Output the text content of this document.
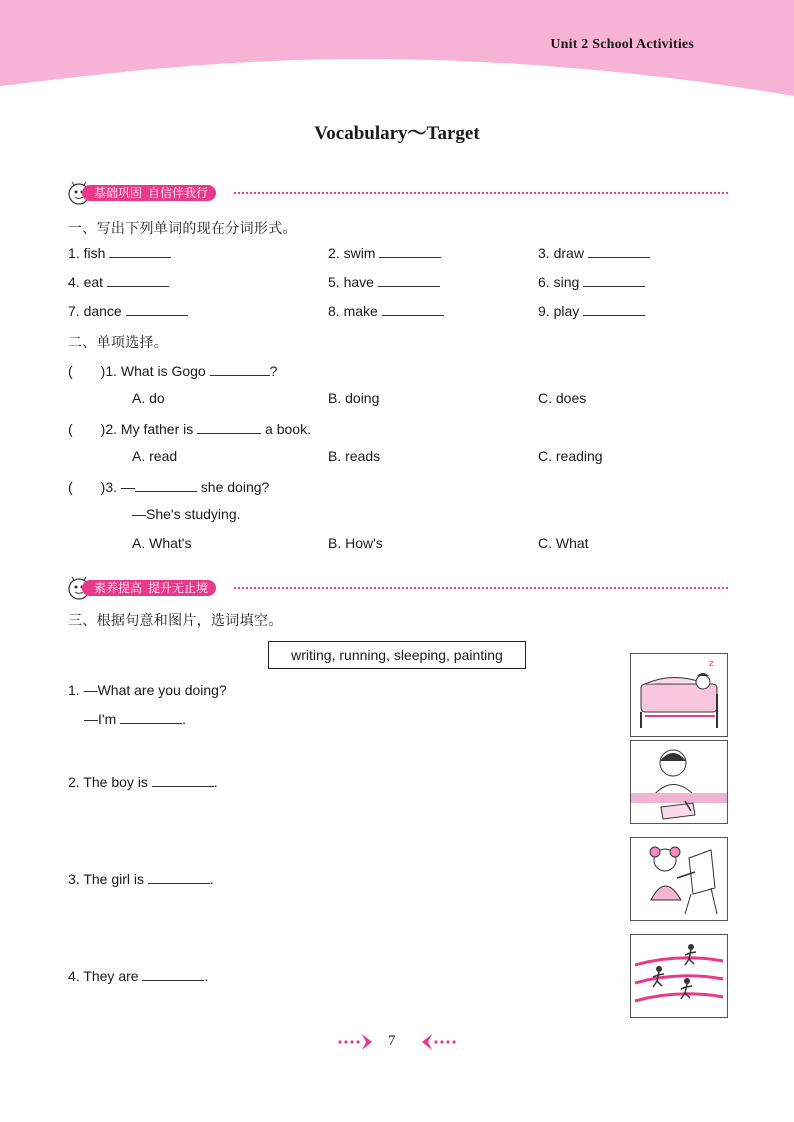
Unit 2 School Activities
Vocabulary～Target
基础巩固 自信伴我行
一、写出下列单词的现在分词形式。
1. fish	2. swim	3. draw
4. eat	5. have	6. sing
7. dance	8. make	9. play
二、单项选择。
(　　)1. What is Gogo	?
A. do	B. doing	C. does
(　　)2. My father is	a book.
A. read	B. reads	C. reading
(　　)3. —	she doing?
—She's studying.
A. What's	B. How's	C. What
素养提高 提升无止境
三、根据句意和图片，选词填空。
writing, running, sleeping, painting
1. —What are you doing?
—I'm	.
2. The boy is	.
3. The girl is	.
4. They are	.
z
7
